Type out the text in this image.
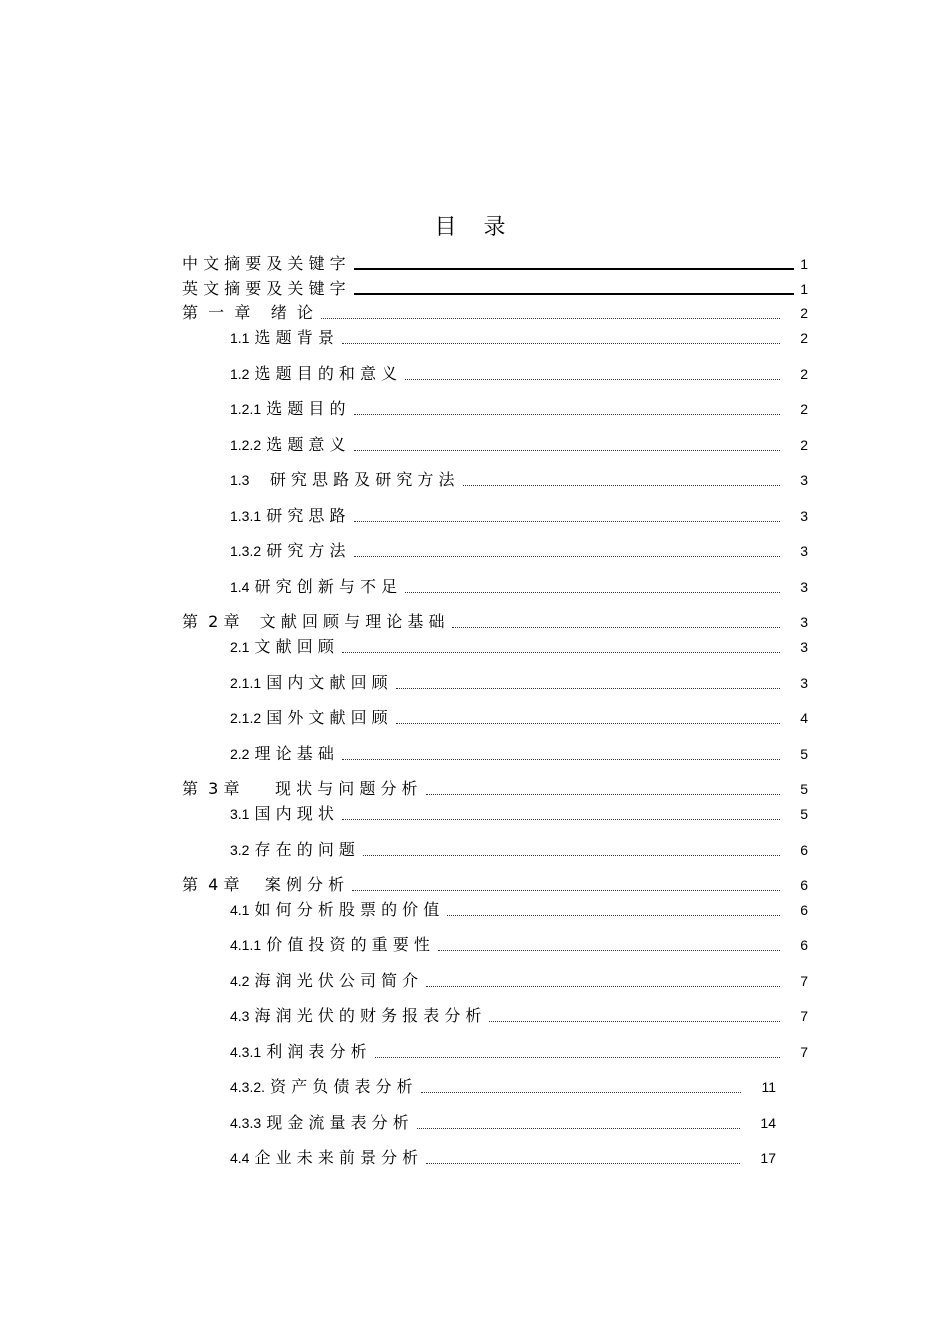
目 录
中 文 摘 要 及 关 键 字	1
英 文 摘 要 及 关 键 字	1
第  一  章    绪  论	2
1.1 选 题 背 景	2
1.2 选 题 目 的 和 意 义	2
1.2.1 选 题 目 的	2
1.2.2 选 题 意 义	2
1.3 研 究 思 路 及 研 究 方 法	3
1.3.1 研 究 思 路	3
1.3.2 研 究 方 法	3
1.4 研 究 创 新 与 不 足	3
第  2 章    文 献 回 顾 与 理 论 基 础	3
2.1 文 献 回 顾	3
2.1.1 国 内 文 献 回 顾	3
2.1.2 国 外 文 献 回 顾	4
2.2 理 论 基 础	5
第  3 章       现 状 与 问 题 分 析	5
3.1 国 内 现 状	5
3.2 存 在 的 问 题	6
第  4 章     案 例 分 析	6
4.1 如 何 分 析 股 票 的 价 值	6
4.1.1 价 值 投 资 的 重 要 性	6
4.2 海 润 光 伏 公 司 简 介	7
4.3 海 润 光 伏 的 财 务 报 表 分 析	7
4.3.1 利 润 表 分 析	7
4.3.2. 资 产 负 债 表 分 析	11
4.3.3 现 金 流 量 表 分 析	14
4.4 企 业 未 来 前 景 分 析	17
